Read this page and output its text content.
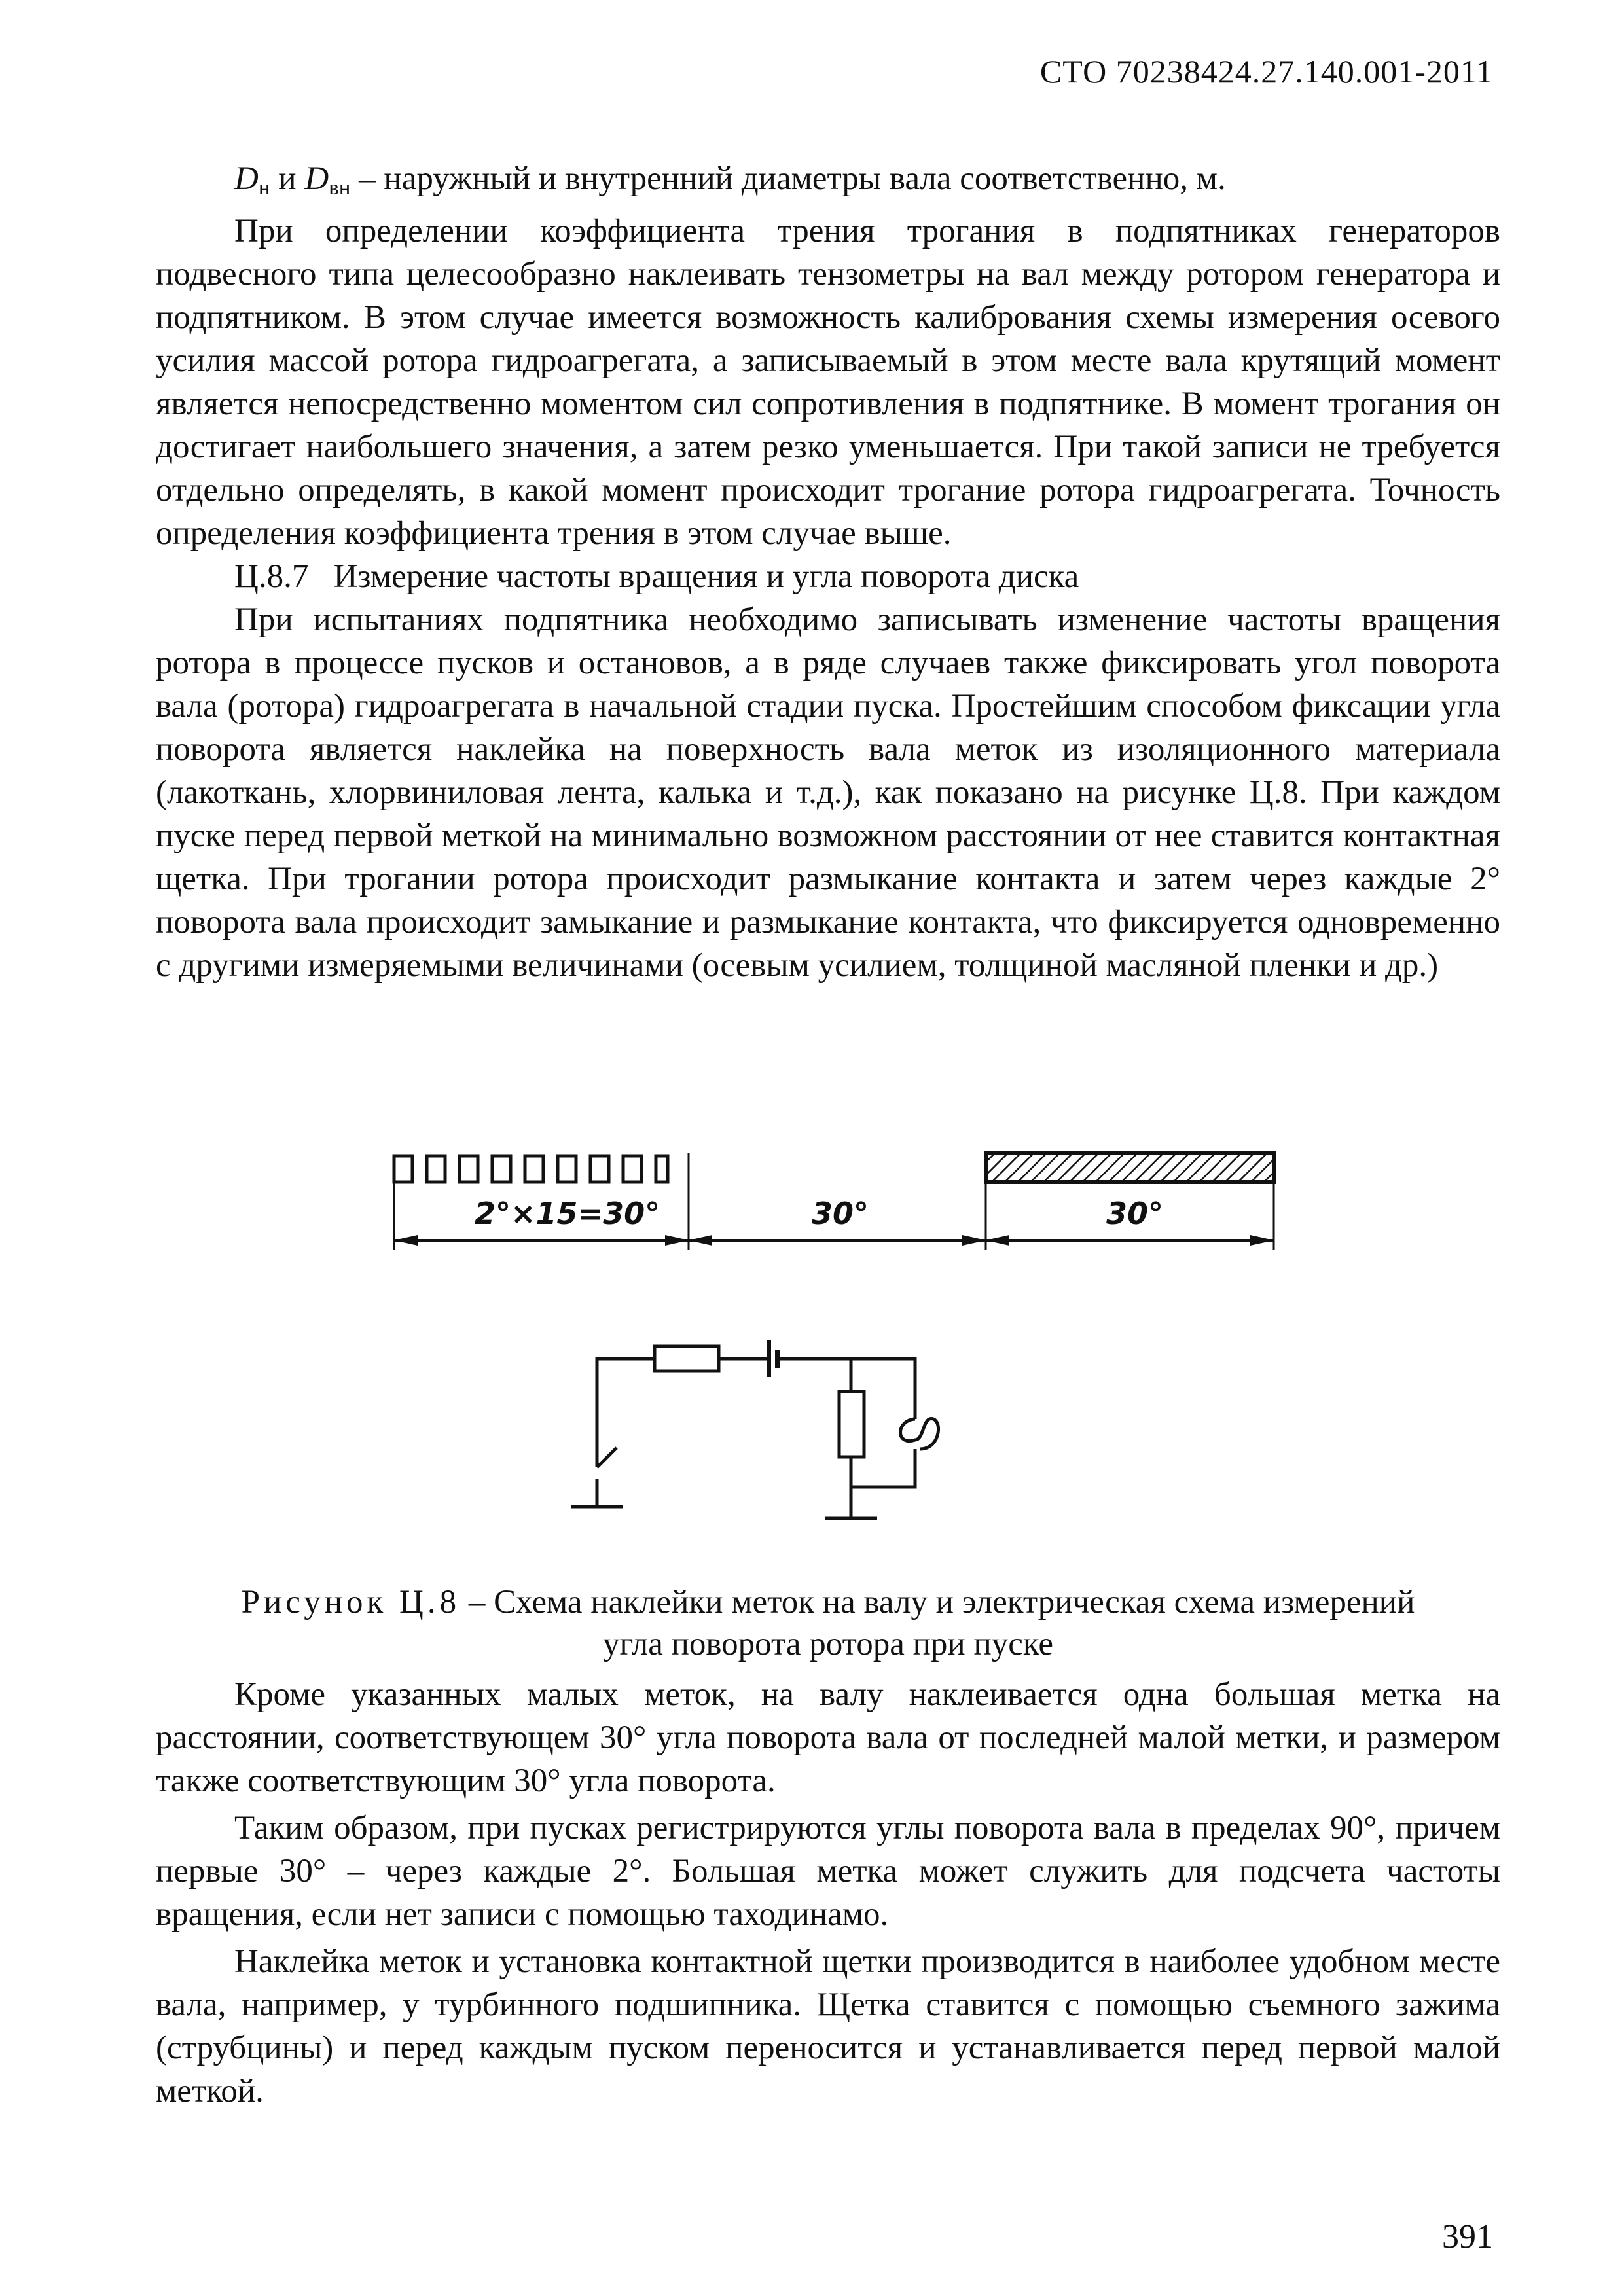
СТО 70238424.27.140.001-2011

$D_н$ и $D_{вн}$ – наружный и внутренний диаметры вала соответственно, м.

При определении коэффициента трения трогания в подпятниках генераторов подвесного типа целесообразно наклеивать тензометры на вал между ротором генератора и подпятником. В этом случае имеется возможность калибрования схемы измерения осевого усилия массой ротора гидроагрегата, а записываемый в этом месте вала крутящий момент является непосредственно моментом сил сопротивления в подпятнике. В момент трогания он достигает наибольшего значения, а затем резко уменьшается. При такой записи не требуется отдельно определять, в какой момент происходит трогание ротора гидроагрегата. Точность определения коэффициента трения в этом случае выше.

Ц.8.7   Измерение частоты вращения и угла поворота диска

При испытаниях подпятника необходимо записывать изменение частоты вращения ротора в процессе пусков и остановов, а в ряде случаев также фиксировать угол поворота вала (ротора) гидроагрегата в начальной стадии пуска. Простейшим способом фиксации угла поворота является наклейка на поверхность вала меток из изоляционного материала (лакоткань, хлорвиниловая лента, калька и т.д.), как показано на рисунке Ц.8. При каждом пуске перед первой меткой на минимально возможном расстоянии от нее ставится контактная щетка. При трогании ротора происходит размыкание контакта и затем через каждые 2° поворота вала происходит замыкание и размыкание контакта, что фиксируется одновременно с другими измеряемыми величинами (осевым усилием, толщиной масляной пленки и др.)

2°×15=30°	30°	30°
Рисунок Ц.8 – Схема наклейки меток на валу и электрическая схема измерений
угла поворота ротора при пуске

Кроме указанных малых меток, на валу наклеивается одна большая метка на расстоянии, соответствующем 30° угла поворота вала от последней малой метки, и размером также соответствующим 30° угла поворота.

Таким образом, при пусках регистрируются углы поворота вала в пределах 90°, причем первые 30° – через каждые 2°. Большая метка может служить для подсчета частоты вращения, если нет записи с помощью таходинамо.

Наклейка меток и установка контактной щетки производится в наиболее удобном месте вала, например, у турбинного подшипника. Щетка ставится с помощью съемного зажима (струбцины) и перед каждым пуском переносится и устанавливается перед первой малой меткой.

391
